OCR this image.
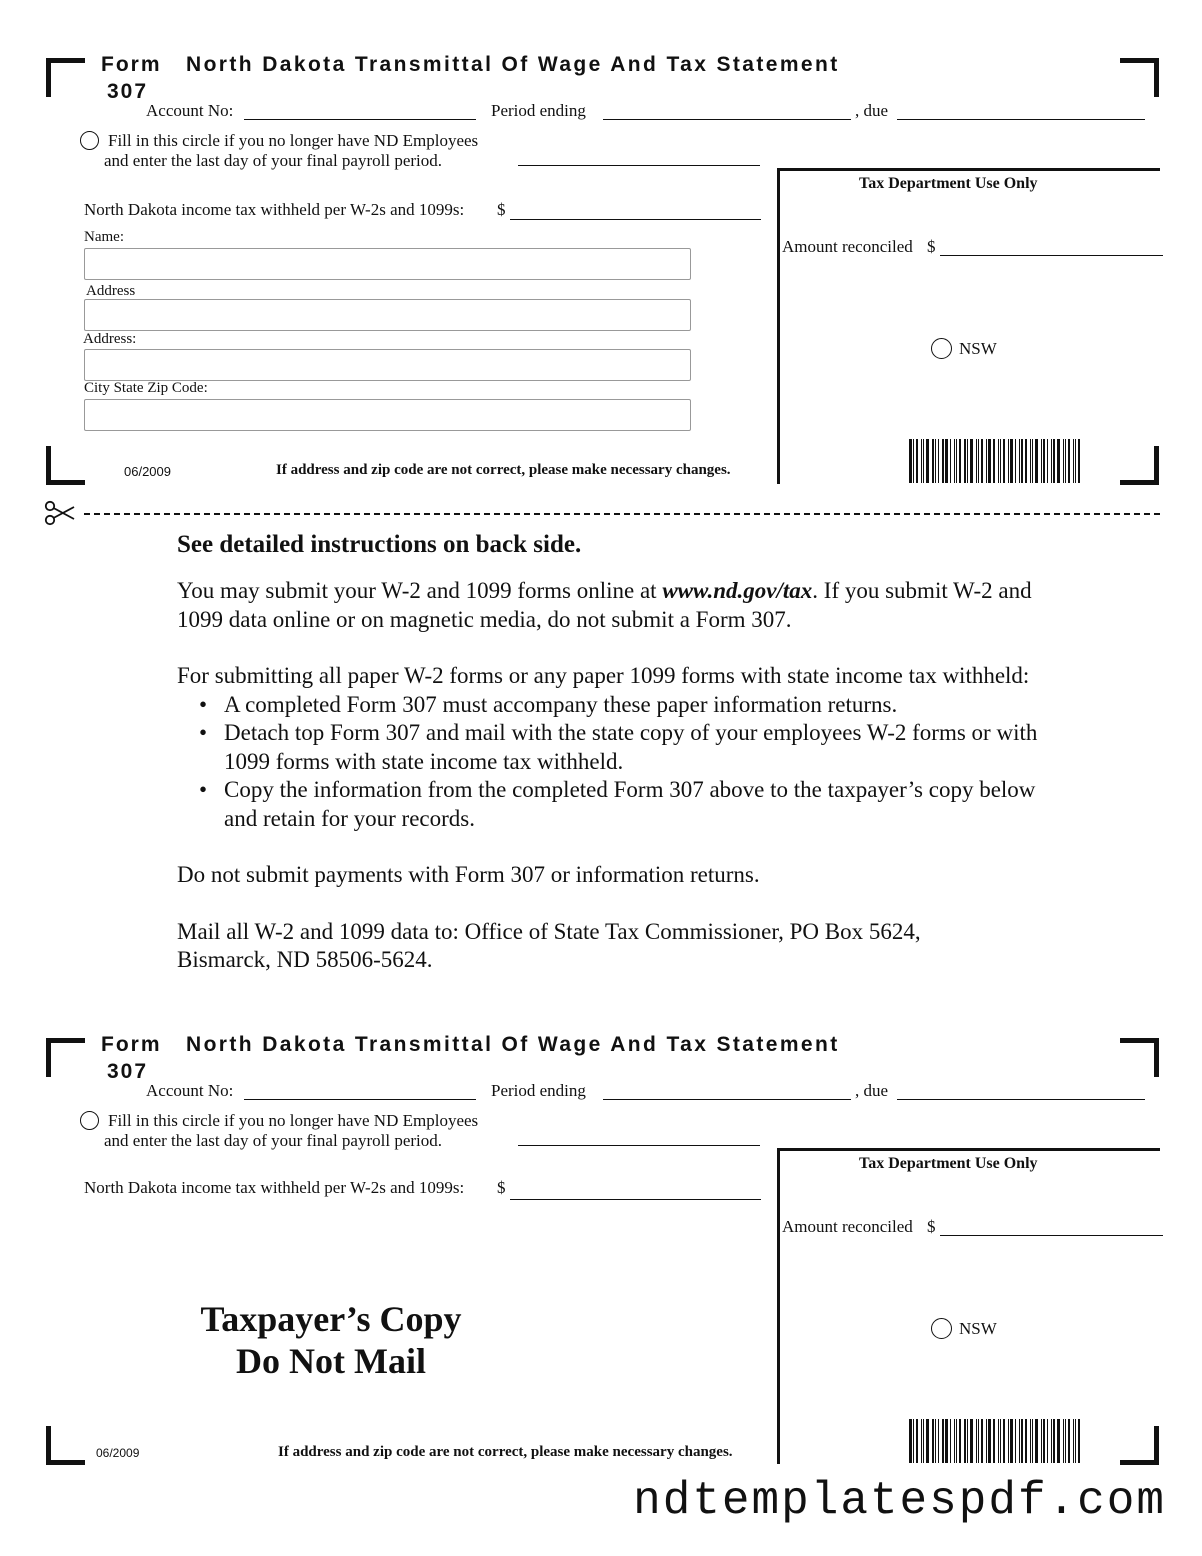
Form
307
North Dakota Transmittal Of Wage And Tax Statement
Account No:	Period ending	, due
Fill in this circle if you no longer have ND Employees
and enter the last day of your final payroll period.
North Dakota income tax withheld per W-2s and 1099s: $
Name:
Address
Address:
City State Zip Code:
06/2009	If address and zip code are not correct, please make necessary changes.
Tax Department Use Only
Amount reconciled $
NSW
See detailed instructions on back side.

You may submit your W-2 and 1099 forms online at www.nd.gov/tax. If you submit W-2 and 1099 data online or on magnetic media, do not submit a Form 307.

For submitting all paper W-2 forms or any paper 1099 forms with state income tax withheld:

• A completed Form 307 must accompany these paper information returns.
• Detach top Form 307 and mail with the state copy of your employees W-2 forms or with 1099 forms with state income tax withheld.
• Copy the information from the completed Form 307 above to the taxpayer’s copy below and retain for your records.

Do not submit payments with Form 307 or information returns.

Mail all W-2 and 1099 data to: Office of State Tax Commissioner, PO Box 5624, Bismarck, ND 58506-5624.

Form
307
North Dakota Transmittal Of Wage And Tax Statement
Account No:	Period ending	, due
Fill in this circle if you no longer have ND Employees
and enter the last day of your final payroll period.
North Dakota income tax withheld per W-2s and 1099s: $
Taxpayer’s Copy
Do Not Mail
06/2009	If address and zip code are not correct, please make necessary changes.
Tax Department Use Only
Amount reconciled $
NSW
ndtemplatespdf.com
